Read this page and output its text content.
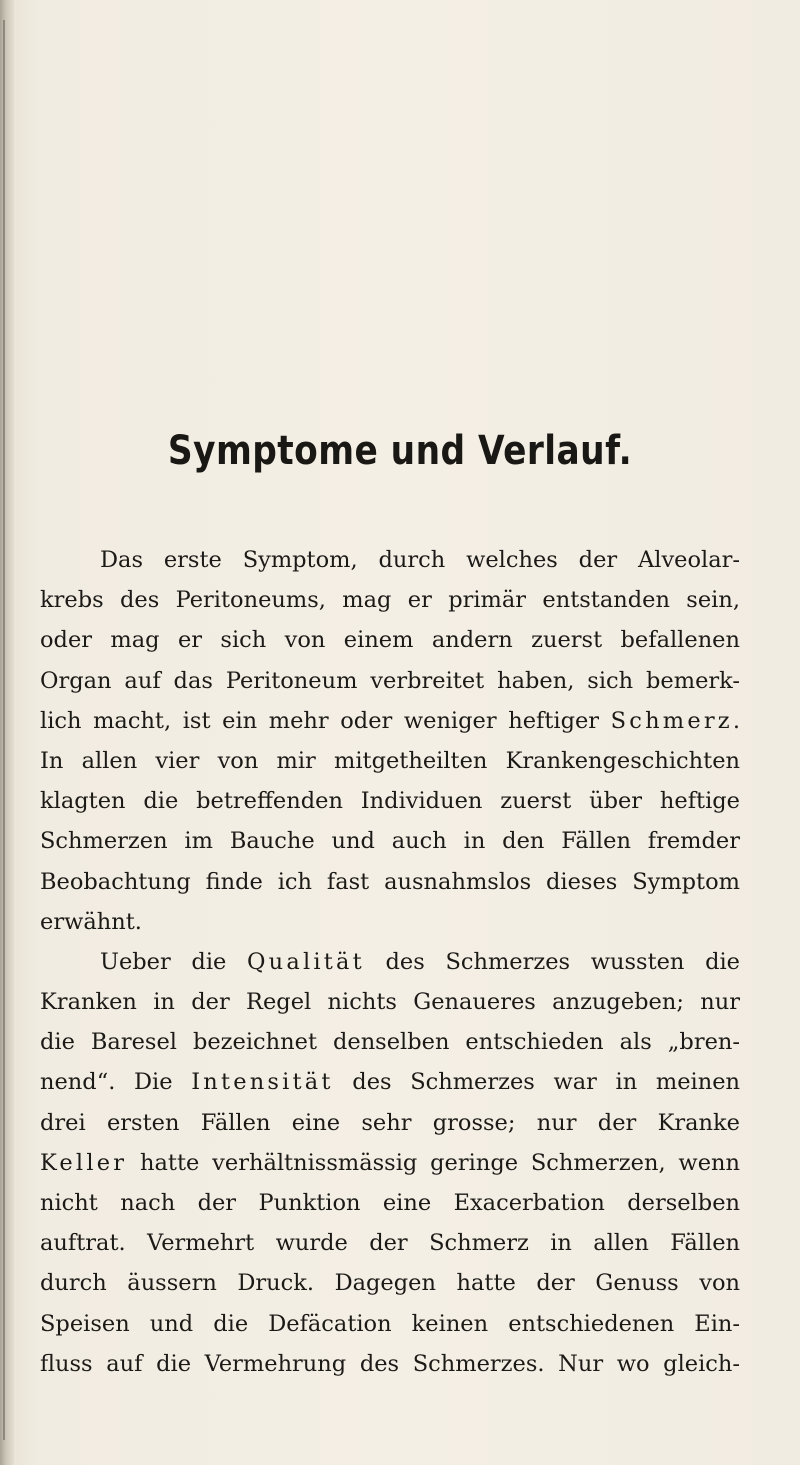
Symptome und Verlauf.
Das erste Symptom, durch welches der Alveolar-
krebs des Peritoneums, mag er primär entstanden sein,
oder mag er sich von einem andern zuerst befallenen
Organ auf das Peritoneum verbreitet haben, sich bemerk-
lich macht, ist ein mehr oder weniger heftiger Schmerz.
In allen vier von mir mitgetheilten Krankengeschichten
klagten die betreffenden Individuen zuerst über heftige
Schmerzen im Bauche und auch in den Fällen fremder
Beobachtung finde ich fast ausnahmslos dieses Symptom
erwähnt.
Ueber die Qualität des Schmerzes wussten die
Kranken in der Regel nichts Genaueres anzugeben; nur
die Baresel bezeichnet denselben entschieden als „bren-
nend“. Die Intensität des Schmerzes war in meinen
drei ersten Fällen eine sehr grosse; nur der Kranke
Keller hatte verhältnissmässig geringe Schmerzen, wenn
nicht nach der Punktion eine Exacerbation derselben
auftrat. Vermehrt wurde der Schmerz in allen Fällen
durch äussern Druck. Dagegen hatte der Genuss von
Speisen und die Defäcation keinen entschiedenen Ein-
fluss auf die Vermehrung des Schmerzes. Nur wo gleich-
